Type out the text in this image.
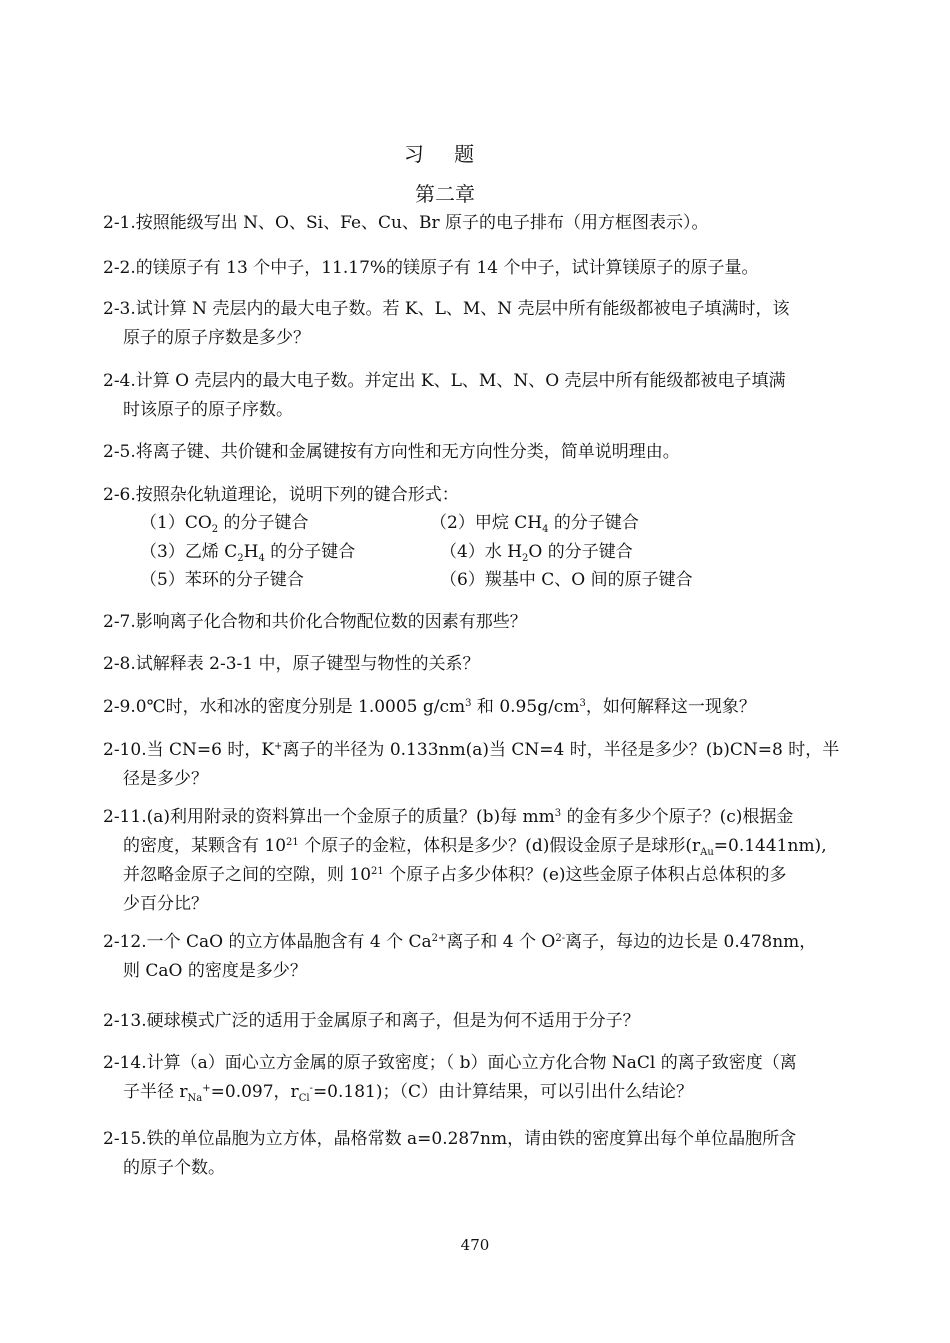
习 题
第二章
2-1.按照能级写出 N、O、Si、Fe、Cu、Br 原子的电子排布（用方框图表示）。
2-2.的镁原子有 13 个中子，11.17%的镁原子有 14 个中子，试计算镁原子的原子量。
2-3.试计算 N 壳层内的最大电子数。若 K、L、M、N 壳层中所有能级都被电子填满时，该
原子的原子序数是多少？
2-4.计算 O 壳层内的最大电子数。并定出 K、L、M、N、O 壳层中所有能级都被电子填满
时该原子的原子序数。
2-5.将离子键、共价键和金属键按有方向性和无方向性分类，简单说明理由。
2-6.按照杂化轨道理论，说明下列的键合形式：
$(1)CO_2$ 的分子键合	（2）甲烷 $CH_4$ 的分子键合
（3）乙烯 $C_2H_4$ 的分子键合	（4）水 $H_2O$ 的分子键合
（5）苯环的分子键合	（6）羰基中 C、O 间的原子键合
2-7.影响离子化合物和共价化合物配位数的因素有那些？
2-8.试解释表 2-3-1 中，原子键型与物性的关系？
2-9.0℃时，水和冰的密度分别是 1.0005 $g/cm^3$ 和 $0.95g/cm^3$，如何解释这一现象？
2-10.当 CN=6 时，K+离子的半径为 0.133nm(a)当 CN=4 时，半径是多少？(b)CN=8 时，半
径是多少？
2-11.(a)利用附录的资料算出一个金原子的质量？(b)每 $mm^3$ 的金有多少个原子？(c)根据金
的密度，某颗含有 $10^{21}$ 个原子的金粒，体积是多少？(d)假设金原子是球形$(r_{Au}=0.1441nm)$,
并忽略金原子之间的空隙，则 $10^{21}$ 个原子占多少体积？(e)这些金原子体积占总体积的多
少百分比？
2-12.一个 CaO 的立方体晶胞含有 4 个 $Ca^{2+}$离子和 4 个 $O^{2-}$离子，每边的边长是 0.478nm，
则 CaO 的密度是多少？
2-13.硬球模式广泛的适用于金属原子和离子，但是为何不适用于分子？
2-14.计算（a）面心立方金属的原子致密度；（ b）面心立方化合物 NaCl 的离子致密度（离
子半径 $r_{Na}^+=0.097$，$r_{Cl}^-=0.181$)；（C）由计算结果，可以引出什么结论？
2-15.铁的单位晶胞为立方体，晶格常数 a=0.287nm，请由铁的密度算出每个单位晶胞所含
的原子个数。
470
